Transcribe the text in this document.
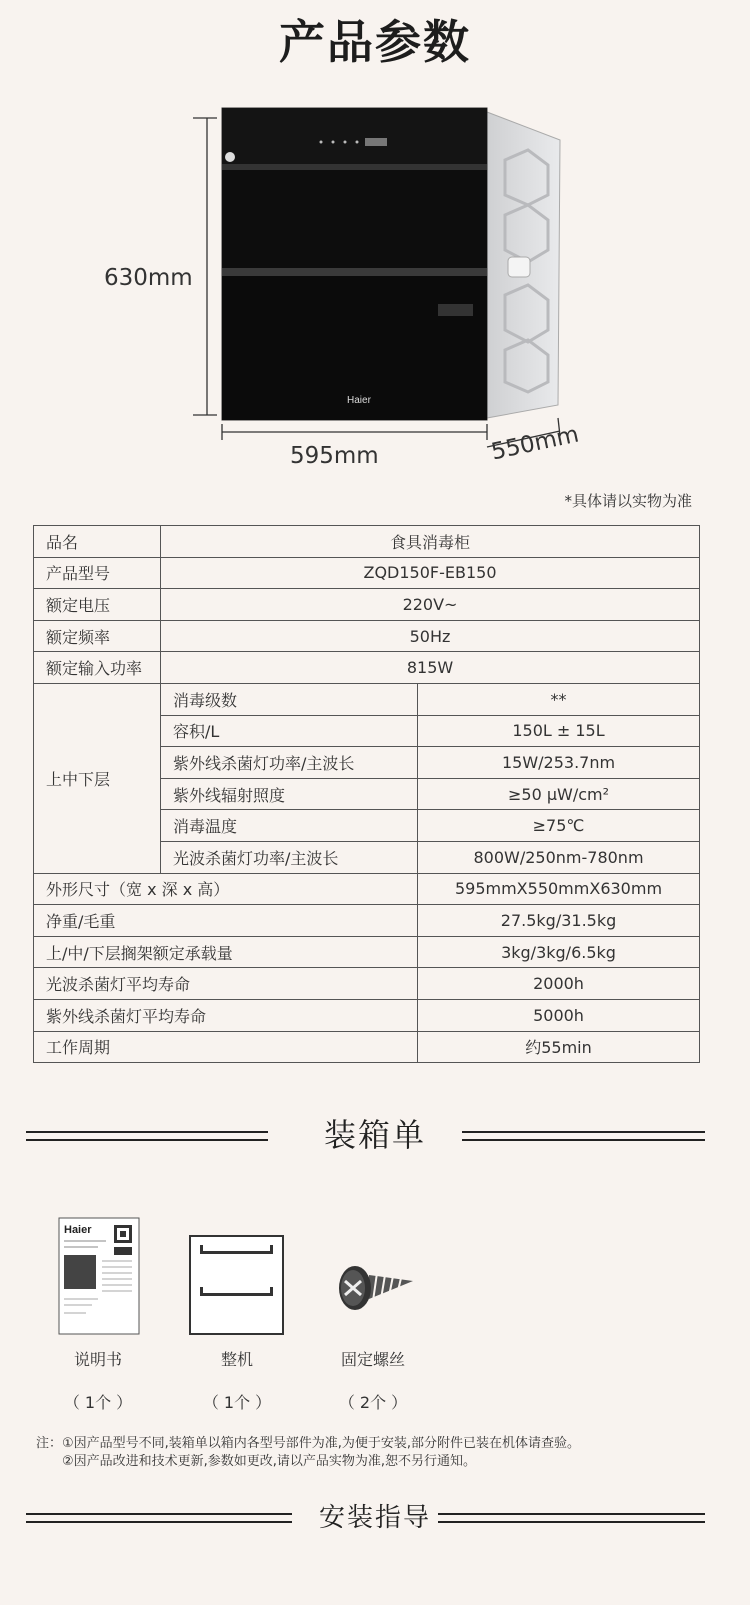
产品参数
Haier
630mm
595mm	550mm
*具体请以实物为准
品名	食具消毒柜	
产品型号	ZQD150F-EB150	
额定电压	220V~	
额定频率	50Hz	
额定输入功率	815W	
上中下层	消毒级数	**
	容积/L	150L ± 15L
	紫外线杀菌灯功率/主波长	15W/253.7nm
	紫外线辐射照度	≥50 μW/cm²
	消毒温度	≥75℃
	光波杀菌灯功率/主波长	800W/250nm-780nm
外形尺寸（宽 x 深 x 高）		595mmX550mmX630mm
净重/毛重		27.5kg/31.5kg
上/中/下层搁架额定承载量		3kg/3kg/6.5kg
光波杀菌灯平均寿命		2000h
紫外线杀菌灯平均寿命		5000h
工作周期		约55min
装箱单
Haier
说明书
（ 1个 ）
整机
（ 1个 ）
固定螺丝
（ 2个 ）
注：①因产品型号不同,装箱单以箱内各型号部件为准,为便于安装,部分附件已装在机体请查验。
②因产品改进和技术更新,参数如更改,请以产品实物为准,恕不另行通知。
安装指导
